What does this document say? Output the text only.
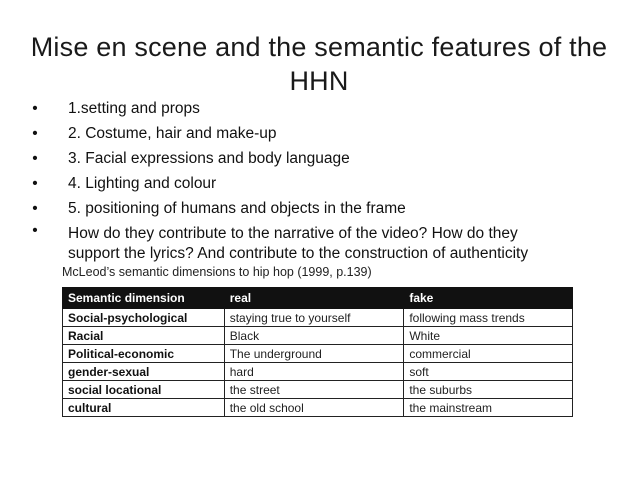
Mise en scene and the semantic features of the
HHN
• 1.setting and props
• 2. Costume, hair and make-up
• 3. Facial expressions and body language
• 4. Lighting and colour
• 5. positioning of humans and objects in the frame
• How do they contribute to the narrative of the video? How do they
support the lyrics? And contribute to the construction of authenticity
McLeod’s semantic dimensions to hip hop (1999, p.139)
Semantic dimension	real	fake
Social-psychological	staying true to yourself	following mass trends
Racial	Black	White
Political-economic	The underground	commercial
gender-sexual	hard	soft
social locational	the street	the suburbs
cultural	the old school	the mainstream
